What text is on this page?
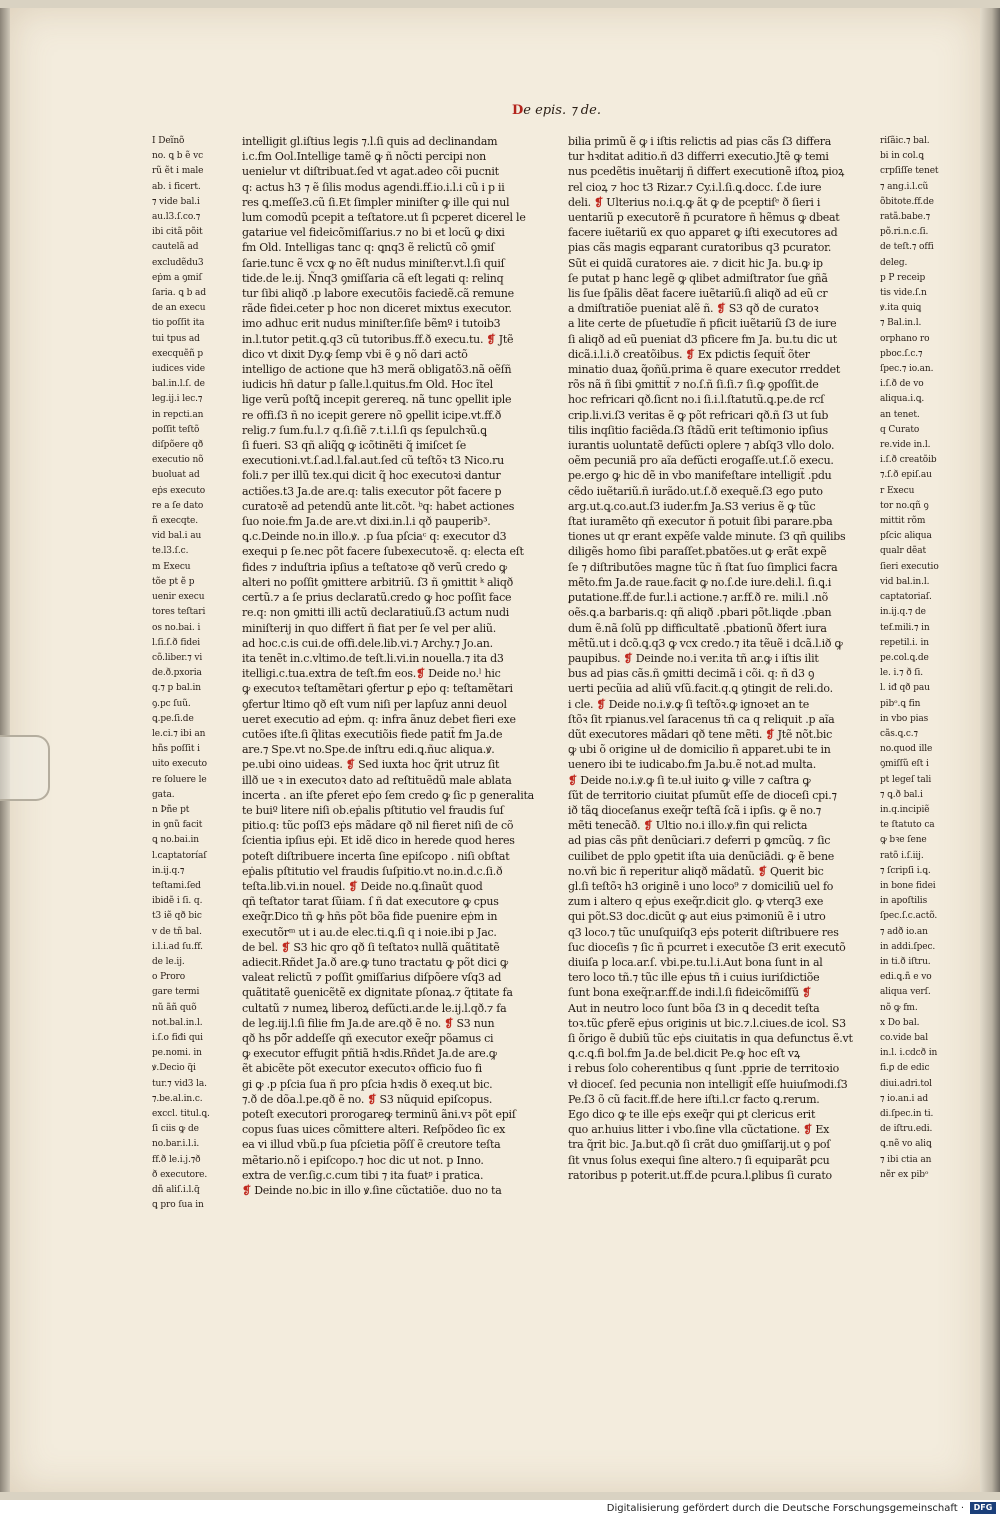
De epis. ⁊ de.
I Deĩnõ
no. ꝗ b ẽ vc
rũ ẽt i male
ab. i ficert.
⁊ vide bal.i
au.l3.ſ.co.⁊
ibi citã põit
cautelã ad
excludẽdu3
eṗm a ꝯmiſ
ſaria. ꝗ b ad
de an execu
tio poſſit ita
tui tpus ad
execquẽñ p
iudices vide
bal.in.l.ſ. de
leg.ij.i lec.⁊
in repcti.an
poſſit teſtõ
diſpõere qð
executio nõ
buoluat ad
eṗs executo
re a ſe dato
ñ execqte.
vid bal.i au
te.l3.ſ.c.
m Execu
tõe pt ẽ p
uenir execu
tores teſtari
os no.bai. i
l.ſi.ſ.ð fidei
cõ.liber.⁊ vi
de.ð.pxoria
q.⁊ p bal.in
ꝯ.pc ſuũ.
ꝗ.pe.ſi.de
le.ci.⁊ ibi an
hñs poſſit i
uito executo
re ſoluere le
gata.
n Þñe pt
in ꝯnũ facit
ꝗ no.bai.in
l.captatoríaſ
in.ij.q.⁊
teſtami.ſed
ibidẽ i ſi. q.
t3 iẽ qð bic
v de tñ bal.
i.l.i.ad ſu.ff.
de le.ij.
o Proro
gare termi
nũ ãñ quõ
not.bal.in.l.
i.ſ.o fiđi qui
pe.nomi. in
ꝟ.Decio q̃i
tur.⁊ vid3 la.
⁊.be.al.in.c.
exccl. titul.ꝗ.
ſi ciis ꝙ de
no.bar.i.l.i.
ff.ð le.i.j.⁊ð
ð executore.
dñ aliſ.i.l.q̃
ꝗ pro ſua in
intelligit gl.iſtius legis ⁊.l.ſi quis ad declinandam
i.c.fm Ool.Intellige tamẽ ꝙ ñ nõcti percipi non
uenielur vt diſtribuat.ſed vt agat.adeo cõi pucnit
q: actus h3 ⁊ ẽ ſilis modus agendi.ff.io.i.l.i cũ i p ii
res ꝗ.meſſe3.cũ ſi.Et ſimpler miniſter ꝙ ille qui nul
lum comodũ pcepit a teſtatore.ut ſi pcperet dicerel le
gatariue vel fideicõmiſſarius.⁊ no bi et locũ ꝙ dixi
fm Old. Intelligas tanc q: ꝗnq3 ẽ relictũ cõ ꝯmiſ
ſarie.tunc ẽ vcx ꝙ no ẽſt nudus miniſter.vt.l.ſi quiſ
tide.de le.ij. Ñnq3 ꝯmiſſaria cã eſt legati q: relinq
tur ſibi aliqð .p labore executõis faciedẽ.cã remune
rãde fidei.ceter p hoc non diceret mixtus executor.
imo adhuc erit nudus miniſter.ſiſe bẽmº i tutoib3
in.l.tutor petit.ꝗ.q3 cũ tutoribus.ff.ð execu.tu. ❡ Jtẽ
dico vt dixit Dy.ꝙ ſemp vbi ẽ ꝯ nõ dari actõ
intelligo de actione que h3 merã obligatõ3.nã oẽſñ
iudicis hñ datur p ſalle.l.quitus.fm Old. Hoc ĩtel
lige verũ poſtꝗ̃ incepit gerereꝗ. nã tunc ꝯpellit iple
re offi.ſ3 ñ no icepit gerere nõ ꝯpellit icipe.vt.ff.ð
relig.⁊ ſum.fu.l.⁊ q.ſi.ſiẽ ⁊.t.i.l.ſi qs ſepulchꝛũ.ꝗ
ſi fueri. S3 qñ aliq̃ꝗ ꝙ icõtinẽti q̃ imiſcet ſe
executioni.vt.ſ.ad.l.fal.aut.ſed cũ teſtõꝛ t3 Nico.ru
foli.⁊ per illũ tex.qui dicit q̃ hoc executoꝛi dantur
actiões.t3 Ja.de are.q: talis executor põt facere p
curatoꝛẽ ad petendũ ante lit.cõt. ᵇq: habet actiones
ſuo noie.fm Ja.de are.vt dixi.in.l.i qð pauperib³.
ꝗ.c.Deinde no.in illo.ꝟ. .p ſua pſciaᶜ q: executor d3
exequi p ſe.nec põt facere ſubexecutoꝛẽ. q: electa eſt
fides ⁊ induſtria ipſius a teſtatoꝛe qð verũ credo ꝙ
alteri no poſſit ꝯmittere arbitriũ. ſ3 ñ ꝯmittit ᵏ aliqð
certũ.⁊ a ſe prius declaratũ.credo ꝙ hoc poſſit face
re.q: non ꝯmitti illi actũ declaratiuũ.ſ3 actum nudi
miniſterij in quo differt ñ fiat per ſe vel per aliũ.
ad hoc.c.is cui.de offi.dele.lib.vi.⁊ Archy.⁊ Jo.an.
ita tenẽt in.c.vltimo.de teſt.li.vi.in nouella.⁊ ita d3
itelligi.c.tua.extra de teſt.fm eos.❡ Deide no.ˡ hic
ꝙ executoꝛ teſtamẽtari ꝯfertur ꝑ eṗo q: teſtamẽtari
ꝯfertur ltimo qð eſt vum niſi per lapſuz anni deuol
ueret executio ad eṗm. q: infra ãnuz debet fieri exe
cutões iſte.ſi q̃litas executiõis fiede patit̃ fm Ja.de
are.⁊ Spe.vt no.Spe.de inſtru edi.ꝗ.ñuc aliqua.ꝟ.
pe.ubi oino uideas. ❡ Sed iuxta hoc q̃rit utruz ſit
illð ue ꝛ in executoꝛ dato ad reſtituẽdũ male ablata
incerta . an iſte ꝑferet eṗo ſem credo ꝙ ſic p generalita
te buiº litere niſi ob.eṗalis pſtitutio vel fraudis ſuſ
pitio.q: tũc poſſ3 eṗs mãdare qð nil fieret niſi de cõ
ſcientia ipſius eṗi. Et idẽ dico in herede quod heres
poteſt diſtribuere incerta ſine epiſcopo . niſi obſtat
eṗalis pſtitutio vel fraudis ſuſpitio.vt no.in.d.c.ſi.ð
teſta.lib.vi.in nouel. ❡ Deide no.ꝗ.ſinaũt quod
qñ teſtator tarat ſũiam. ſ ñ dat executore ꝙ cpus
exeq̃r.Dico tñ ꝙ hñs põt bõa fide puenire eṗm in
executõrᵐ ut i au.de elec.ti.ꝗ.ſi q i noie.ibi p Jac.
de bel. ❡ S3 hic qro qð ſi teſtatoꝛ nullã quãtitatẽ
adiecit.Rñdet Ja.ð are.ꝙ tuno tractatu ꝙ põt dici ꝙ
valeat relictũ ⁊ poſſit ꝯmiſſarius diſpõere vſq3 ad
quãtitatẽ ꝯuenicẽtẽ ex dignitate pſonaꝝ.⁊ q̃titate fa
cultatũ ⁊ numeꝝ liberoꝝ defũcti.ar.de le.ij.l.qð.⁊ fa
de leg.iij.l.ſi filie fm Ja.de are.qð ẽ no. ❡ S3 nun
qð hs põ̃r addeſſe qñ executor exeq̃r põamus ci
ꝙ executor effugit pñtiã hꝛdis.Rñdet Ja.de are.ꝙ
ẽt abicẽte põt executor executoꝛ officio fuo fi
gi ꝙ .p pſcia ſua ñ pro pſcia hꝛdis ð exeq.ut bic.
⁊.ð de dõa.l.pe.qð ẽ no. ❡ S3 nũquid epiſcopus.
poteſt executori prorogareꝙ terminũ ãni.vꝛ põt epiſ
copus ſuas uices cõmittere alteri. Reſpõdeo ſic ex
ea vi illud vbũ.p ſua pſcietia põſſ ẽ creutore teſta
mẽtario.nõ i epiſcopo.⁊ hoc dic ut not. p Inno.
extra de ver.ſig.c.cum tibi ⁊ ita fuatᵖ i pratica.
❡ Deinde no.bic in illo ꝟ.ſine cũctatiõe. duo no ta
bilia primũ ẽ ꝙ i iſtis relictis ad pias cãs ſ3 differa
tur hꝛditat aditio.ñ d3 differri executio.Jtẽ ꝙ temi
nus pcedẽtis inuẽtarij ñ differt executionẽ iſtoꝝ pioꝝ
rel cioꝝ ⁊ hoc t3 Rizar.⁊ Cy.i.l.ſi.ꝗ.docc. ſ.de iure
deli. ❡ Ulterius no.i.ꝗ.ꝙ ãt ꝙ de pceptiſᵉ ð ſieri i
uentariũ p executorẽ ñ pcuratore ñ hẽmus ꝙ dbeat
facere iuẽtariũ ex quo apparet ꝙ iſti executores ad
pias cãs magis eqparant curatoribus q3 pcurator.
Sũt ei quidã curatores aie. ⁊ dicit hic Ja. bu.ꝙ ip
ſe putat p hanc legẽ ꝙ qlibet admiſtrator ſue gñã
lis ſue ſpãlis dẽat facere iuẽtariũ.ſi aliqð ad eũ cr
a dmiſtratiõe pueniat alẽ ñ. ❡ S3 qð de curatoꝛ
a lite certe de pſuetudĩe ñ pficit iuẽtariũ ſ3 de iure
ſi aliqð ad eũ pueniat d3 pficere fm Ja. bu.tu dic ut
dicã.i.l.i.ð creatõibus. ❡ Ex pdictis ſequit̃ õter
minatio duaꝝ q̃oñũ.prima ẽ quare executor rreddet
rõs nã ñ ſibi ꝯmittit̃ ⁊ no.ſ.ñ ſi.ſi.⁊ ſi.ꝙ ꝯpoſſit.de
hoc refricari qð.ſicnt no.i ſi.i.l.ſtatutũ.ꝗ.pe.de rcſ
crip.li.vi.ſ3 veritas ẽ ꝙ põt refricari qð.ñ ſ3 ut ſub
tilis inqſitio faciẽda.ſ3 ſtãdũ erit teſtimonio ipſius
iurantis uoluntatẽ defũcti oplere ⁊ abſq3 vllo dolo.
oẽm pecuniã pro aĩa defũcti erogaſſe.ut.ſ.õ execu.
pe.ergo ꝙ hic dẽ in vbo manifeſtare intelligit̃ .pdu
cẽdo iuẽtariũ.ñ iurãdo.ut.ſ.ð exequẽ.ſ3 ego puto
arg.ut.ꝗ.co.aut.ſ3 iuder.fm Ja.S3 verius ẽ ꝙ tũc
ſtat iuramẽto qñ executor ñ potuit ſibi parare.pba
tiones ut qr erant expẽſe valde minute. ſ3 qñ quilibs
diligẽs homo ſibi paraſſet.pbatões.ut ꝙ erãt expẽ
ſe ⁊ diſtributões magne tũc ñ ſtat ſuo ſimplici facra
mẽto.fm Ja.de raue.facit ꝙ no.ſ.de iure.deli.l. ſi.ꝗ.i
ꝑutatione.ff.de fur.l.i actione.⁊ ar.ff.ð re. mili.l .nõ
oẽs.ꝗ.a barbaris.q: qñ aliqð .pbari põt.liqde .pban
dum ẽ.nã ſolũ pp difficultatẽ .pbationũ ðfert iura
mẽtũ.ut i dcõ.ꝗ.q3 ꝙ vcx credo.⁊ ita tẽuẽ i dcã.l.ið ꝙ
paupibus. ❡ Deinde no.i ver.ita tñ ar.ꝙ i iſtis ilit
bus ad pias cãs.ñ ꝯmitti decimã i cõi. q: ñ d3 ꝯ
uerti pecũia ad aliũ vſũ.facit.q.ꝗ ꝯtingit de reli.do.
i cle. ❡ Deide no.i.ꝟ.ꝙ ſi teſtõꝛ.ꝙ ignoꝛet an te
ſtõꝛ ſit rpianus.vel ſaracenus tñ ca q reliquit .p aĩa
dũt executores mãdari qð tene mẽti. ❡ Jtẽ nõt.bic
ꝙ ubi õ origine uł de domicilio ñ apparet.ubi te in
uenero ibi te iudicabo.fm Ja.bu.ẽ not.ad multa.
❡ Deide no.i.ꝟ.ꝙ ſi te.uł iuito ꝙ ville ⁊ caſtra ꝙ
ſũt de territorio ciuitat pſumũt eſſe de dioceſi cpi.⁊
ið tãꝗ dioceſanus exeq̃r teſtã ſcã i ipſis. ꝙ ẽ no.⁊
mẽti tenecãð. ❡ Ultio no.i illo.ꝟ.fin qui relicta
ad pias cãs pñt denũciari.⁊ deferri p ꝙmcũꝗ. ⁊ ſic
cuilibet de pplo ꝯpetit iſta uia denũciãdi. ꝙ ẽ bene
no.vñ bic ñ reperitur aliqð mãdatũ. ❡ Querit bic
gl.ſi teſtõꝛ h3 originẽ i uno loco⁹ ⁊ domiciliũ uel fo
zum i altero q eṗus exeq̃r.dicit glo. ꝙ vterq3 exe
qui põt.S3 doc.dicũt ꝙ aut eius pꝛimoniũ ẽ i utro
q3 loco.⁊ tũc unuſquiſq3 eṗs poterit diſtribuere res
ſuc dioceſis ⁊ ſic ñ pcurret i executõe ſ3 erit executõ
diuiſa p loca.ar.ſ. vbi.pe.tu.l.i.Aut bona ſunt in al
tero loco tñ.⁊ tũc ille eṗus tñ i cuius iuriſdictiõe
ſunt bona exeq̃r.ar.ff.de indi.l.ſi fideicõmiſſũ ❡
Aut in neutro loco ſunt bõa ſ3 in ꝗ decedit teſta
toꝛ.tũc ꝑferẽ eṗus originis ut bic.⁊.l.ciues.de icol. S3
ſi õrigo ẽ dubiũ tũc eṗs ciuitatis in qua defunctus ẽ.vt
ꝗ.c.ꝗ.fi bol.fm Ja.de bel.dicit Pe.ꝙ hoc eſt vꝝ
i rebus ſolo coherentibus q ſunt .pprie de territoꝛio
vł dioceſ. ſed pecunia non intelligit̃ eſſe huiuſmodi.ſ3
Pe.ſ3 õ cũ facit.ff.de here iſti.l.cr facto ꝗ.rerum.
Ego dico ꝙ te ille eṗs exeq̃r qui ꝑt clericus erit
quo ar.huius litter i vbo.ſine vlla cũctatione. ❡ Ex
tra q̃rit bic. Ja.but.qð ſi crãt duo ꝯmiſſarij.ut ꝯ poſ
ſit vnus ſolus exequi ſine altero.⁊ ſi equiparãt ꝑcu
ratoribus p poterit.ut.ff.de pcura.l.ꝑlibus ſi curato
riſãic.⁊ bal.
bi in col.ꝗ
crpſiſſe tenet
⁊ ang.i.l.cũ
õbitote.ff.de
ratã.babe.⁊
põ.ri.n.c.ſi.
de teſt.⁊ offi
deleg.
p P receip
tis vide.ſ.n
ꝟ.ita quiꝗ
⁊ Bal.in.l.
orphano ro
pboc.ſ.c.⁊
ſpec.⁊ io.an.
i.ſ.ð de vo
aliqua.i.ꝗ.
an tenet.
q Curato
re.vide in.l.
i.ſ.ð creatõib
⁊.ſ.ð epiſ.au
r Execu
tor no.qñ ꝯ
mittit rõm
pſcic aliqua
qualr dẽat
ſieri executio
vid bal.in.l.
captatoriaſ.
in.ij.q.⁊ de
tef.mili.⁊ in
repetil.i. in
pe.col.ꝗ.de
le. i.⁊ ð ſi.
l. iđ qð pau
pibᵒ.ꝗ fin
in vbo pias
cãs.ꝗ.c.⁊
no.quod ille
ꝯmiſſũ eſt i
pt legeſ tali
⁊ ꝗ.ð bal.i
in.q.incipiẽ
te ſtatuto ca
ꝙ bꝛe ſene
ratõ i.ſ.iij.
⁊ ſcripſi i.ꝗ.
in bone fidei
in apoſtilis
ſpec.ſ.c.actõ.
⁊ adð io.an
in addi.ſpec.
in ti.ð iſtru.
edi.ꝗ.ñ e vo
aliqua verſ.
nõ ꝙ fm.
x Do bal.
co.vide bal
in.l. i.cdcð in
fi.ꝑ de edic
diui.adri.tol
⁊ io.an.i ad
di.ſpec.in ti.
de iſtru.edi.
ꝗ.nẽ vo aliꝗ
⁊ ibi ctia an
nẽr ex pibᵒ
Digitalisierung gefördert durch die Deutsche Forschungsgemeinschaft ·	DFG
